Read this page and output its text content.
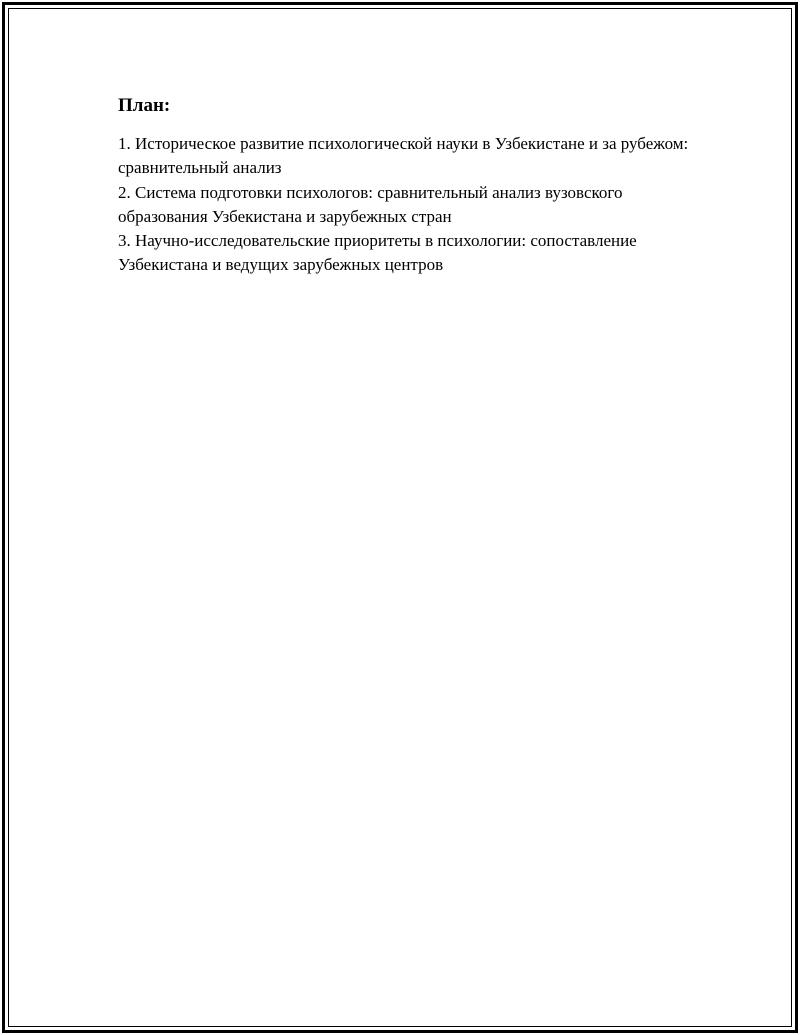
План:

1. Историческое развитие психологической науки в Узбекистане и за рубежом: сравнительный анализ

2. Система подготовки психологов: сравнительный анализ вузовского образования Узбекистана и зарубежных стран

3. Научно-исследовательские приоритеты в психологии: сопоставление Узбекистана и ведущих зарубежных центров
